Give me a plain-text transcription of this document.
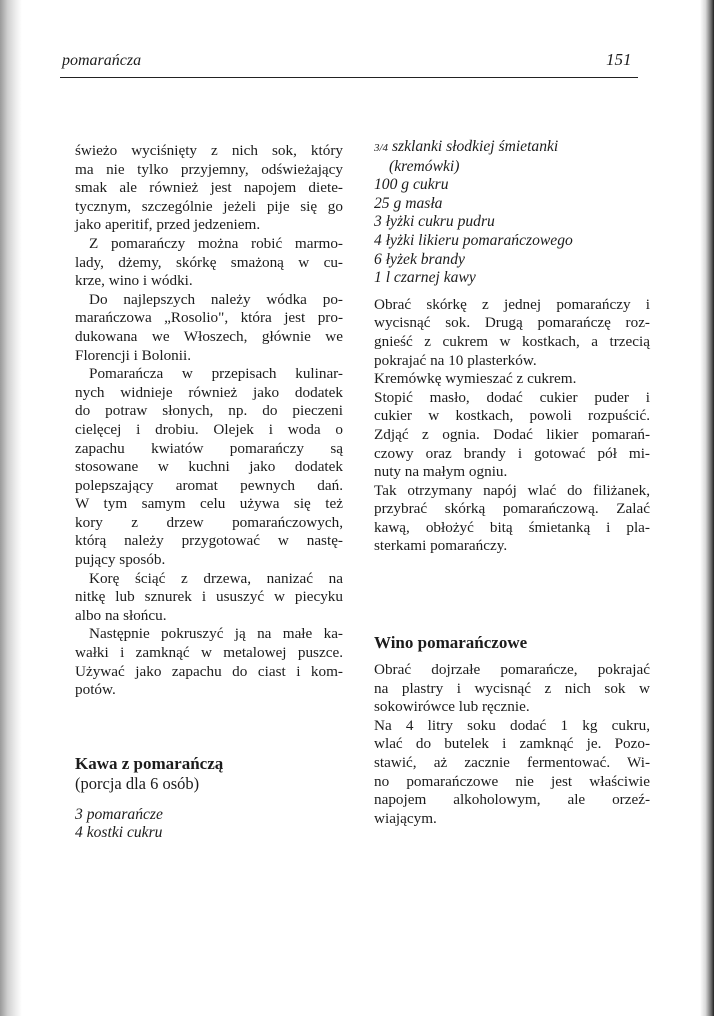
pomarańcza	151
świeżo wyciśnięty z nich sok, który
ma nie tylko przyjemny, odświeżający
smak ale również jest napojem diete-
tycznym, szczególnie jeżeli pije się go
jako aperitif, przed jedzeniem.
Z pomarańczy można robić marmo-
lady, dżemy, skórkę smażoną w cu-
krze, wino i wódki.
Do najlepszych należy wódka po-
marańczowa „Rosolio", która jest pro-
dukowana we Włoszech, głównie we
Florencji i Bolonii.
Pomarańcza w przepisach kulinar-
nych widnieje również jako dodatek
do potraw słonych, np. do pieczeni
cielęcej i drobiu. Olejek i woda o
zapachu kwiatów pomarańczy są
stosowane w kuchni jako dodatek
polepszający aromat pewnych dań.
W tym samym celu używa się też
kory z drzew pomarańczowych,
którą należy przygotować w nastę-
pujący sposób.
Korę ściąć z drzewa, nanizać na
nitkę lub sznurek i ususzyć w piecyku
albo na słońcu.
Następnie pokruszyć ją na małe ka-
wałki i zamknąć w metalowej puszce.
Używać jako zapachu do ciast i kom-
potów.
Kawa z pomarańczą
(porcja dla 6 osób)
3 pomarańcze
4 kostki cukru
3/4 szklanki słodkiej śmietanki
(kremówki)
100 g cukru
25 g masła
3 łyżki cukru pudru
4 łyżki likieru pomarańczowego
6 łyżek brandy
1 l czarnej kawy
Obrać skórkę z jednej pomarańczy i
wycisnąć sok. Drugą pomarańczę roz-
gnieść z cukrem w kostkach, a trzecią
pokrajać na 10 plasterków.
Kremówkę wymieszać z cukrem.
Stopić masło, dodać cukier puder i
cukier w kostkach, powoli rozpuścić.
Zdjąć z ognia. Dodać likier pomarań-
czowy oraz brandy i gotować pół mi-
nuty na małym ogniu.
Tak otrzymany napój wlać do filiżanek,
przybrać skórką pomarańczową. Zalać
kawą, obłożyć bitą śmietanką i pla-
sterkami pomarańczy.
Wino pomarańczowe
Obrać dojrzałe pomarańcze, pokrajać
na plastry i wycisnąć z nich sok w
sokowirówce lub ręcznie.
Na 4 litry soku dodać 1 kg cukru,
wlać do butelek i zamknąć je. Pozo-
stawić, aż zacznie fermentować. Wi-
no pomarańczowe nie jest właściwie
napojem alkoholowym, ale orzeź-
wiającym.
